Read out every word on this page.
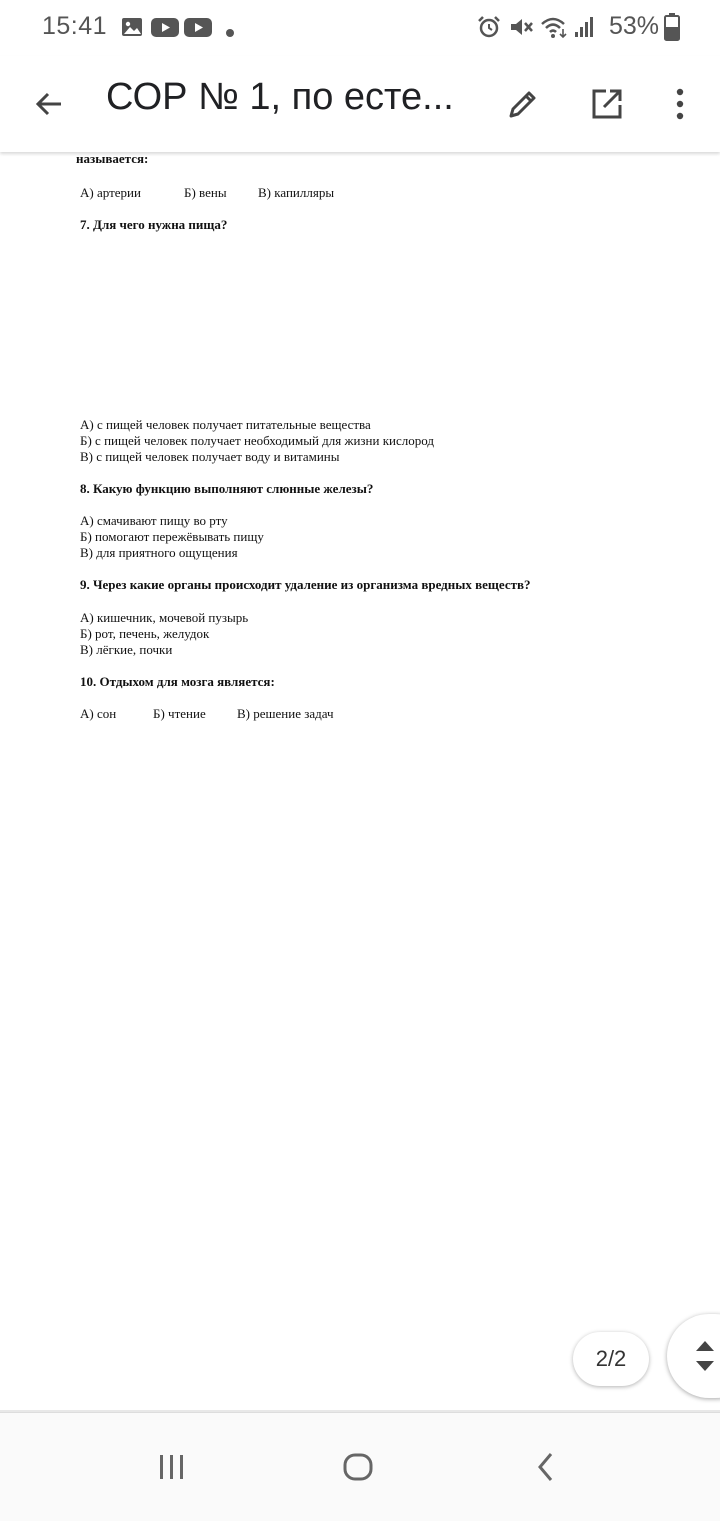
15:41	53%
СОР № 1, по есте...
называется:
А) артерии	Б) вены В) капилляры
7. Для чего нужна пища?
А) с пищей человек получает питательные вещества
Б) с пищей человек получает необходимый для жизни кислород
В) с пищей человек получает воду и витамины
8. Какую функцию выполняют слюнные железы?
А) смачивают пищу во рту
Б) помогают пережёвывать пищу
В) для приятного ощущения
9. Через какие органы происходит удаление из организма вредных веществ?
А) кишечник, мочевой пузырь
Б) рот, печень, желудок
В) лёгкие, почки
10. Отдыхом для мозга является:
А) сон	Б) чтение В) решение задач
2/2
